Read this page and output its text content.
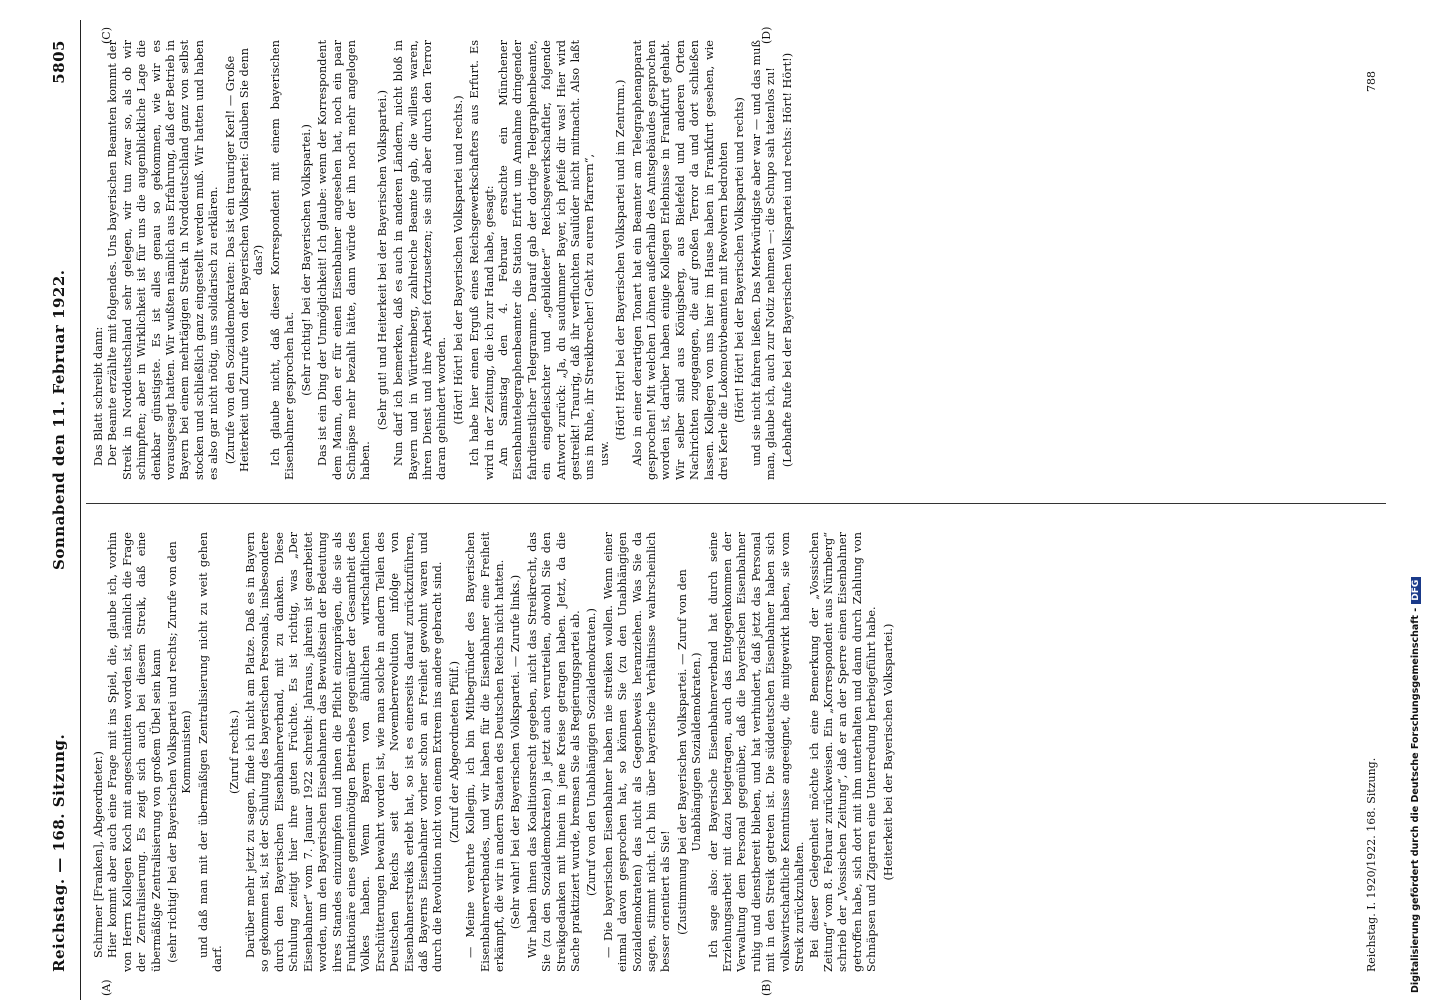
Reichstag. — 168. Sitzung.
Sonnabend den 11. Februar 1922.
5805
(A)	(B)
(C)	(D)

Schirmer [Franken], Abgeordneter.) Hier kommt aber auch eine Frage mit ins Spiel, die, glaube ich, vorhin von Herrn Kollegen Koch mit angeschnitten worden ist, nämlich die Frage der Zentralisierung. Es zeigt sich auch bei diesem Streik, daß eine übermäßige Zentralisierung von großem Übel sein kann (sehr richtig! bei der Bayerischen Volkspartei und rechts; Zurufe von den Kommunisten) und daß man mit der übermäßigen Zentralisierung nicht zu weit gehen darf.

(Zuruf rechts.) Darüber mehr jetzt zu sagen, finde ich nicht am Platze. Daß es in Bayern so gekommen ist, ist der Schulung des bayerischen Personals, insbesondere durch den Bayerischen Eisenbahnerverband, mit zu danken. Diese Schulung zeitigt hier ihre guten Früchte. Es ist richtig, was „Der Eisenbahner“ vom 7. Januar 1922 schreibt: Jahraus, jahrein ist gearbeitet worden, um den Bayerischen Eisenbahnern das Bewußtsein der Bedeutung ihres Standes einzuimpfen und ihnen die Pflicht einzuprägen, die sie als Funktionäre eines gemeinnötigen Betriebes gegenüber der Gesamtheit des Volkes haben. Wenn Bayern von ähnlichen wirtschaftlichen Erschütterungen bewahrt worden ist, wie man solche in andern Teilen des Deutschen Reichs seit der Novemberrevolution infolge von Eisenbahnerstreiks erlebt hat, so ist es einerseits darauf zurückzuführen, daß Bayerns Eisenbahner vorher schon an Freiheit gewohnt waren und durch die Revolution nicht von einem Extrem ins andere gebracht sind. (Zuruf der Abgeordneten Pfülf.) — Meine verehrte Kollegin, ich bin Mitbegründer des Bayerischen Eisenbahnerverbandes, und wir haben für die Eisenbahner eine Freiheit erkämpft, die wir in andern Staaten des Deutschen Reichs nicht hatten. (Sehr wahr! bei der Bayerischen Volkspartei. — Zurufe links.) Wir haben ihnen das Koalitionsrecht gegeben, nicht das Streikrecht, das Sie (zu den Sozialdemokraten) ja jetzt auch verurteilen, obwohl Sie den Streikgedanken mit hinein in jene Kreise getragen haben. Jetzt, da die Sache praktiziert wurde, bremsen Sie als Regierungspartei ab. (Zuruf von den Unabhängigen Sozialdemokraten.) — Die bayerischen Eisenbahner haben nie streiken wollen. Wenn einer einmal davon gesprochen hat, so können Sie (zu den Unabhängigen Sozialdemokraten) das nicht als Gegenbeweis heranziehen. Was Sie da sagen, stimmt nicht. Ich bin über bayerische Verhältnisse wahrscheinlich besser orientiert als Sie! (Zustimmung bei der Bayerischen Volkspartei. — Zuruf von den Unabhängigen Sozialdemokraten.) Ich sage also: der Bayerische Eisenbahnerverband hat durch seine Erziehungsarbeit mit dazu beigetragen, auch das Entgegenkommen der Verwaltung dem Personal gegenüber, daß die bayerischen Eisenbahner ruhig und dienstbereit blieben, und hat verhindert, daß jetzt das Personal mit in den Streik getreten ist. Die süddeutschen Eisenbahner haben sich volkswirtschaftliche Kenntnisse angeeignet, die mitgewirkt haben, sie vom Streik zurückzuhalten. Bei dieser Gelegenheit möchte ich eine Bemerkung der „Vossischen Zeitung“ vom 8. Februar zurückweisen. Ein „Korrespondent aus Nürnberg“ schrieb der „Vossischen Zeitung“, daß er an der Sperre einen Eisenbahner getroffen habe, sich dort mit ihm unterhalten und dann durch Zahlung von Schnäpsen und Zigarren eine Unterredung herbeigeführt habe. (Heiterkeit bei der Bayerischen Volkspartei.)

Das Blatt schreibt dann: Der Beamte erzählte mit folgendes. Uns bayerischen Beamten kommt der Streik in Norddeutschland sehr gelegen, wir tun zwar so, als ob wir schimpften; aber in Wirklichkeit ist für uns die augenblickliche Lage die denkbar günstigste. Es ist alles genau so gekommen, wie wir es vorausgesagt hatten. Wir wußten nämlich aus Erfahrung, daß der Betrieb in Bayern bei einem mehrtägigen Streik in Norddeutschland ganz von selbst stocken und schließlich ganz eingestellt werden muß. Wir hatten und haben es also gar nicht nötig, uns solidarisch zu erklären. (Zurufe von den Sozialdemokraten: Das ist ein trauriger Kerl! — Große Heiterkeit und Zurufe von der Bayerischen Volkspartei: Glauben Sie denn das?) Ich glaube nicht, daß dieser Korrespondent mit einem bayerischen Eisenbahner gesprochen hat.

(Sehr richtig! bei der Bayerischen Volkspartei.) Das ist ein Ding der Unmöglichkeit! Ich glaube: wenn der Korrespondent dem Mann, den er für einen Eisenbahner angesehen hat, noch ein paar Schnäpse mehr bezahlt hätte, dann würde der ihn noch mehr angelogen haben.

(Sehr gut! und Heiterkeit bei der Bayerischen Volkspartei.) Nun darf ich bemerken, daß es auch in anderen Ländern, nicht bloß in Bayern und in Württemberg, zahlreiche Beamte gab, die willens waren, ihren Dienst und ihre Arbeit fortzusetzen; sie sind aber durch den Terror daran gehindert worden. (Hört! Hört! bei der Bayerischen Volkspartei und rechts.) Ich habe hier einen Erguß eines Reichsgewerkschafters aus Erfurt. Es wird in der Zeitung, die ich zur Hand habe, gesagt: Am Samstag den 4. Februar ersuchte ein Münchener Eisenbahntelegraphenbeamter die Station Erfurt um Annahme dringender fahrdienstlicher Telegramme. Darauf gab der dortige Telegraphenbeamte, ein eingefleischter und „gebildeter“ Reichsgewerkschaftler, folgende Antwort zurück: „Ja, du saudummer Bayer, ich pfeife dir was! Hier wird gestreikt! Traurig, daß ihr verfluchten Saulüder nicht mitmacht. Also laßt uns in Ruhe, ihr Streikbrecher! Geht zu euren Pfarrern“, usw.

(Hört! Hört! bei der Bayerischen Volkspartei und im Zentrum.) Also in einer derartigen Tonart hat ein Beamter am Telegraphenapparat gesprochen! Mit welchen Löhnen außerhalb des Amtsgebäudes gesprochen worden ist, darüber haben einige Kollegen Erlebnisse in Frankfurt gehabt. Wir selber sind aus Königsberg, aus Bielefeld und anderen Orten Nachrichten zugegangen, die auf großen Terror da und dort schließen lassen. Kollegen von uns hier im Hause haben in Frankfurt gesehen, wie drei Kerle die Lokomotivbeamten mit Revolvern bedrohten (Hört! Hört! bei der Bayerischen Volkspartei und rechts) und sie nicht fahren ließen. Das Merkwürdigste aber war — und das muß man, glaube ich, auch zur Notiz nehmen —: die Schupo sah tatenlos zu! (Lebhafte Rufe bei der Bayerischen Volkspartei und rechts: Hört! Hört!)

Reichstag. I. 1920/1922. 168. Sitzung.
788
Digitalisierung gefördert durch die Deutsche Forschungsgemeinschaft -DFG
